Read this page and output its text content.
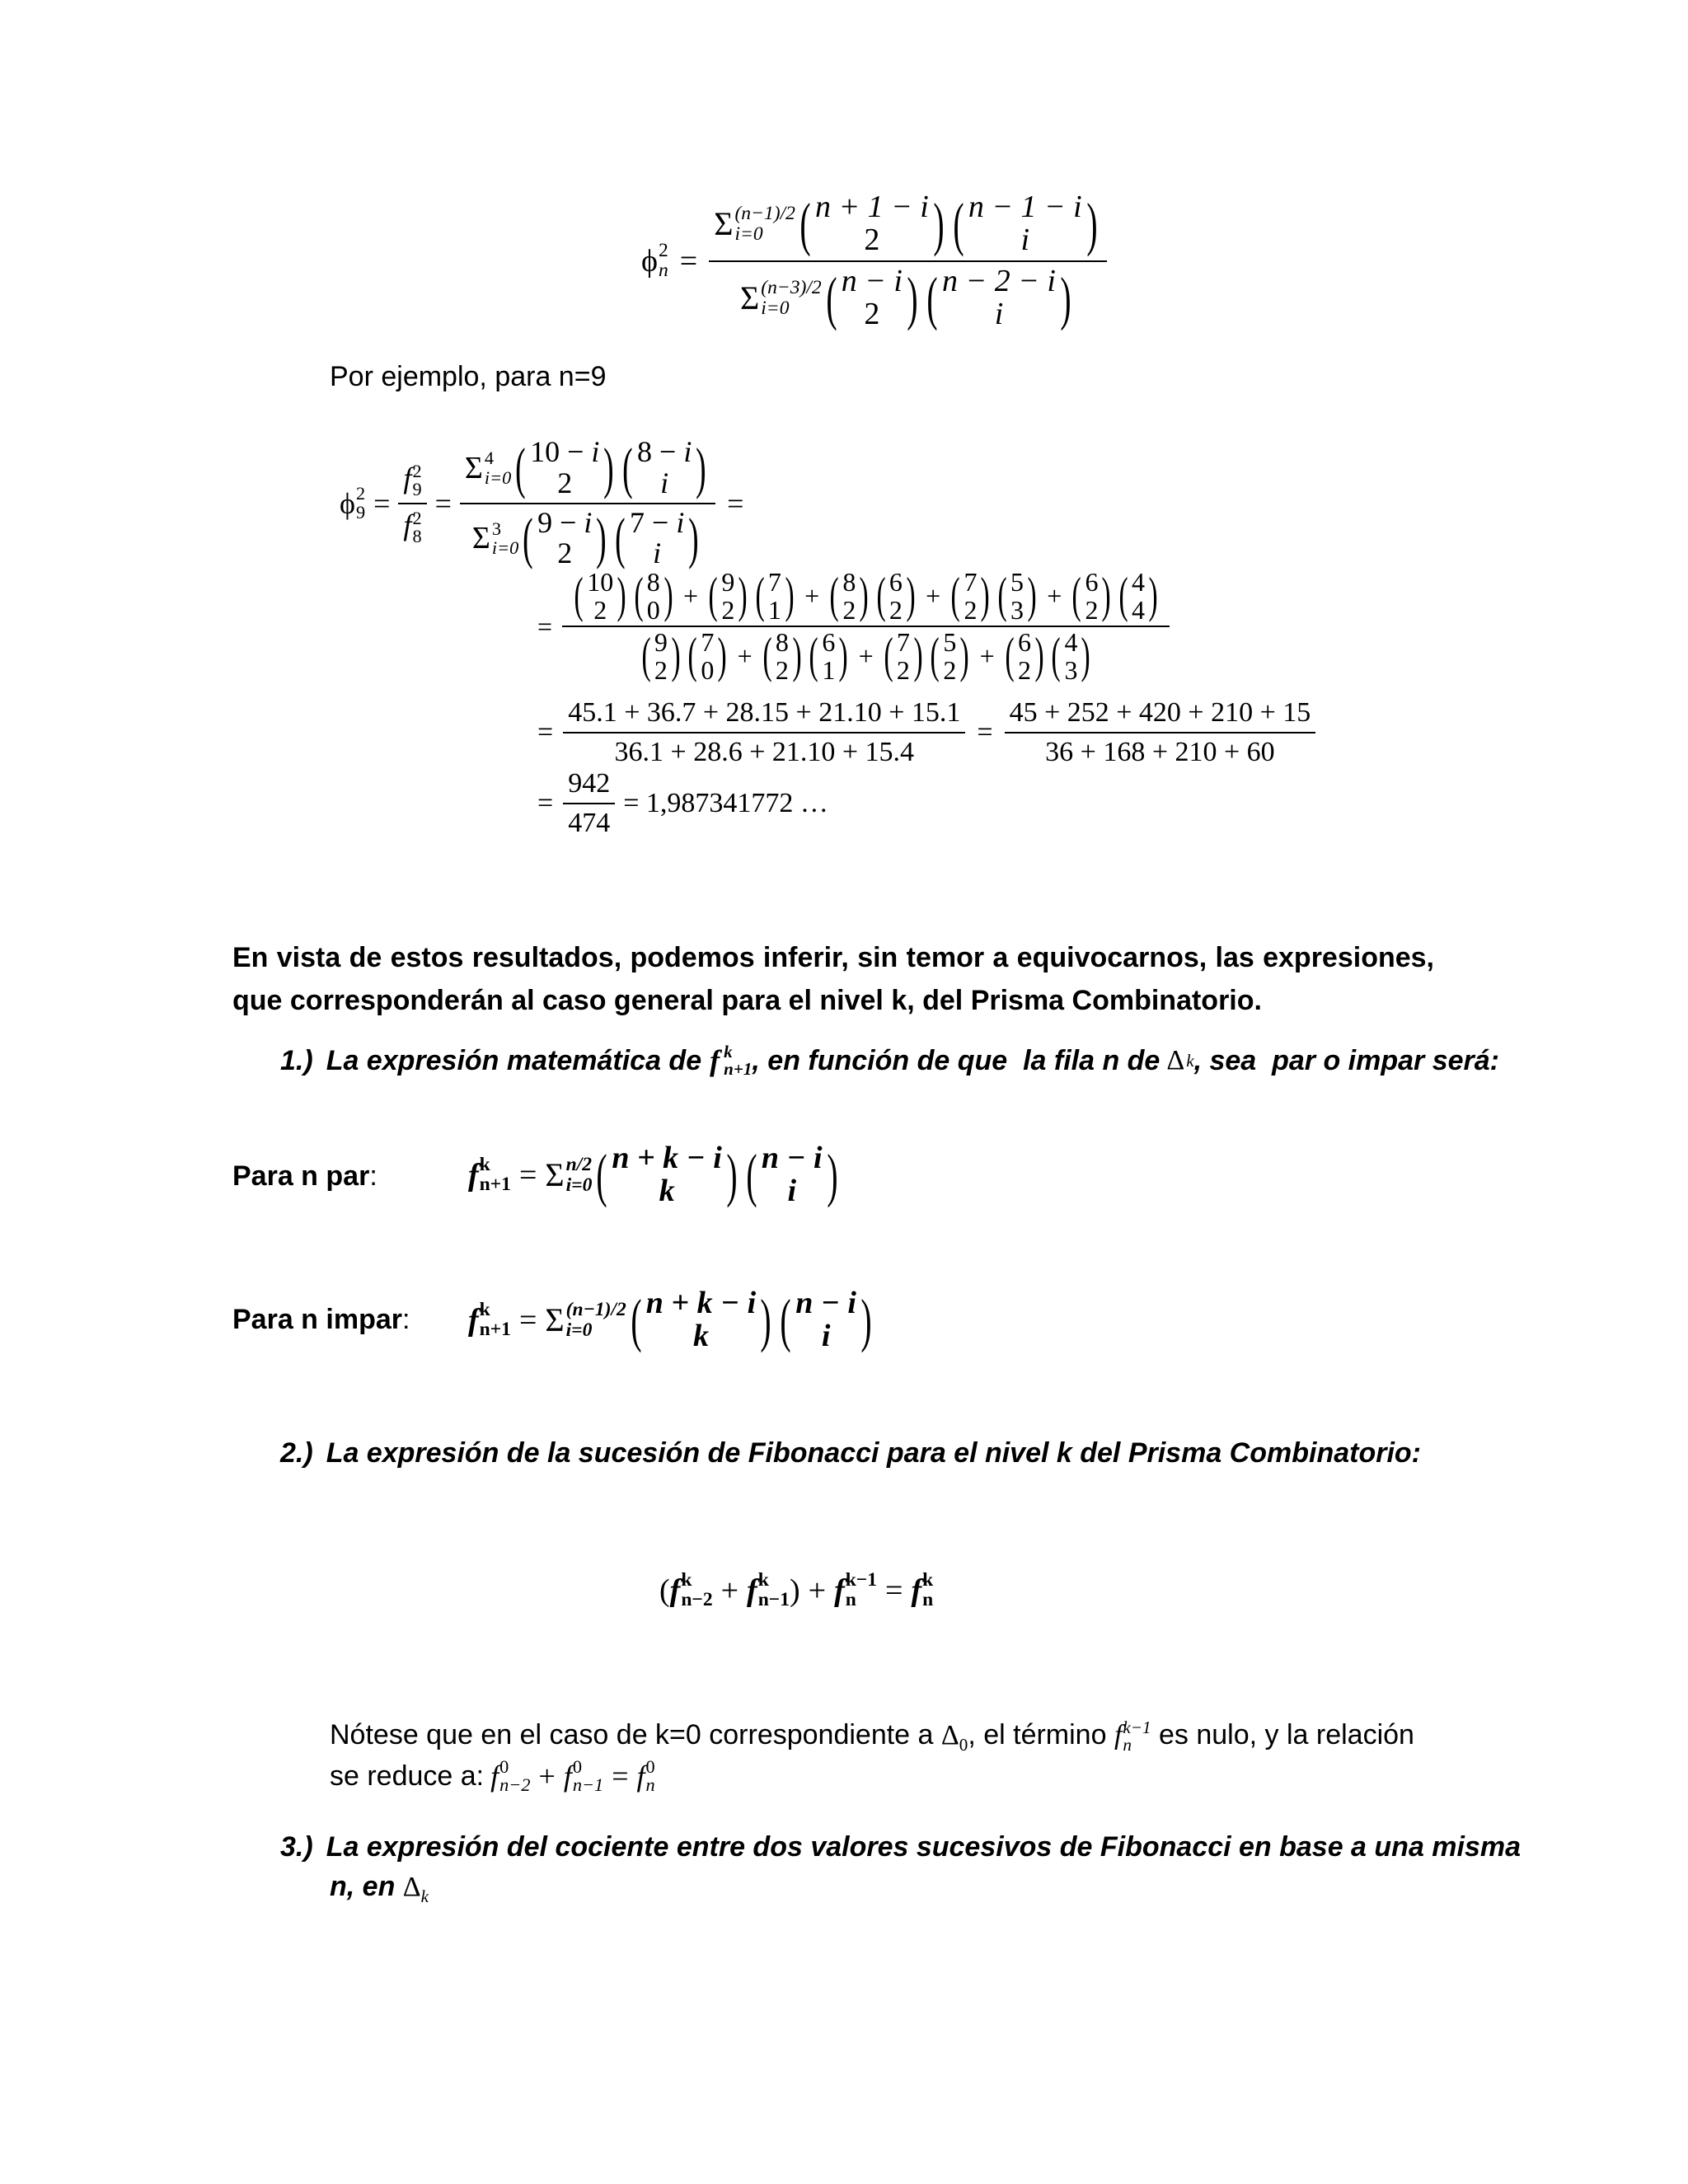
ϕ 2
n = Σ (n−1)/2
i=0 ( n + 1 − i
2 ) ( n − 1 − i
i )
Σ (n−3)/2
i=0 ( n − i
2 ) ( n − 2 − i
i )
Por ejemplo, para n=9
ϕ 2
9 = f 2
9
f 2
8 = Σ 4
i=0 ( 10 − i
2 ) ( 8 − i
i )
Σ 3
i=0 ( 9 − i
2 ) ( 7 − i
i ) =
=
( 10
2 ) ( 8
0 ) + ( 9
2 ) ( 7
1 ) + ( 8
2 ) ( 6
2 ) + ( 7
2 ) ( 5
3 ) + ( 6
2 ) ( 4
4 )
( 9
2 ) ( 7
0 ) + ( 8
2 ) ( 6
1 ) + ( 7
2 ) ( 5
2 ) + ( 6
2 ) ( 4
3 )
= $\frac{45.1 + 36.7 + 28.15 + 21.10 + 15.1}{36.1 + 28.6 + 21.10 + 15.4} = \frac{45 + 252 + 420 + 210 + 15}{36 + 168 + 210 + 60}$
= $\frac{942}{474} = 1,987341772$ …
En vista de estos resultados, podemos inferir, sin temor a equivocarnos, las expresiones, que corresponderán al caso general para el nivel k, del Prisma Combinatorio.
1.) La expresión matemática de f k
n+1 , en función de que  la fila n de Δ k , sea  par o impar será:
Para n par:	f k
n+1 = Σ n/2
i=0 ( n + k − i
k ) ( n − i
i )
Para n impar: f k
n+1 = Σ (n−1)/2
i=0 ( n + k − i
k ) ( n − i
i )
2.) La expresión de la sucesión de Fibonacci para el nivel k del Prisma Combinatorio:
( f k
n−2 + f k
n−1 ) + f k−1
n = f k
n
Nótese que en el caso de k=0 correspondiente a $\Delta_0$, el término f k−1
n es nulo, y la relación
se reduce a: f 0
n−2 + f 0
n−1 = f 0
n
3.) La expresión del cociente entre dos valores sucesivos de Fibonacci en base a una misma
n, en $\Delta_k$
